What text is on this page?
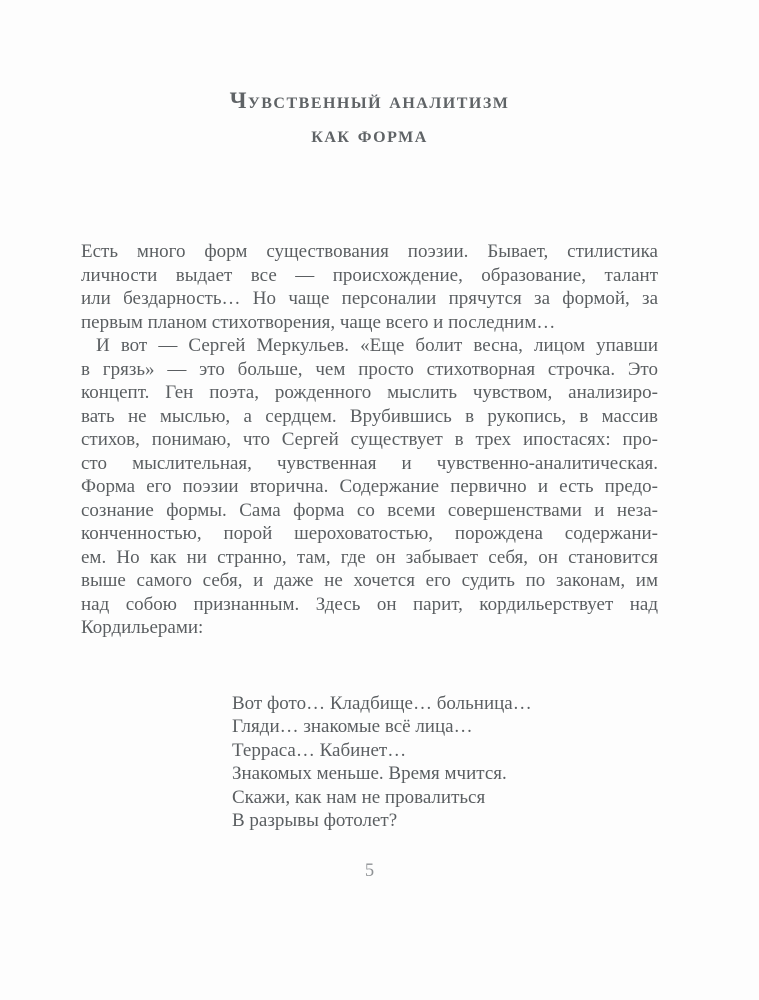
Чувственный аналитизм
как форма
Есть много форм существования поэзии. Бывает, стилистика
личности выдает все — происхождение, образование, талант
или бездарность… Но чаще персоналии прячутся за формой, за
первым планом стихотворения, чаще всего и последним…
И вот — Сергей Меркульев. «Еще болит весна, лицом упавши
в грязь» — это больше, чем просто стихотворная строчка. Это
концепт. Ген поэта, рожденного мыслить чувством, анализиро-
вать не мыслью, а сердцем. Врубившись в рукопись, в массив
стихов, понимаю, что Сергей существует в трех ипостасях: про-
сто мыслительная, чувственная и чувственно-аналитическая.
Форма его поэзии вторична. Содержание первично и есть предо-
сознание формы. Сама форма со всеми совершенствами и неза-
конченностью, порой шероховатостью, порождена содержани-
ем. Но как ни странно, там, где он забывает себя, он становится
выше самого себя, и даже не хочется его судить по законам, им
над собою признанным. Здесь он парит, кордильерствует над
Кордильерами:
Вот фото… Кладбище… больница…
Гляди… знакомые всё лица…
Терраса… Кабинет…
Знакомых меньше. Время мчится.
Скажи, как нам не провалиться
В разрывы фотолет?
5
